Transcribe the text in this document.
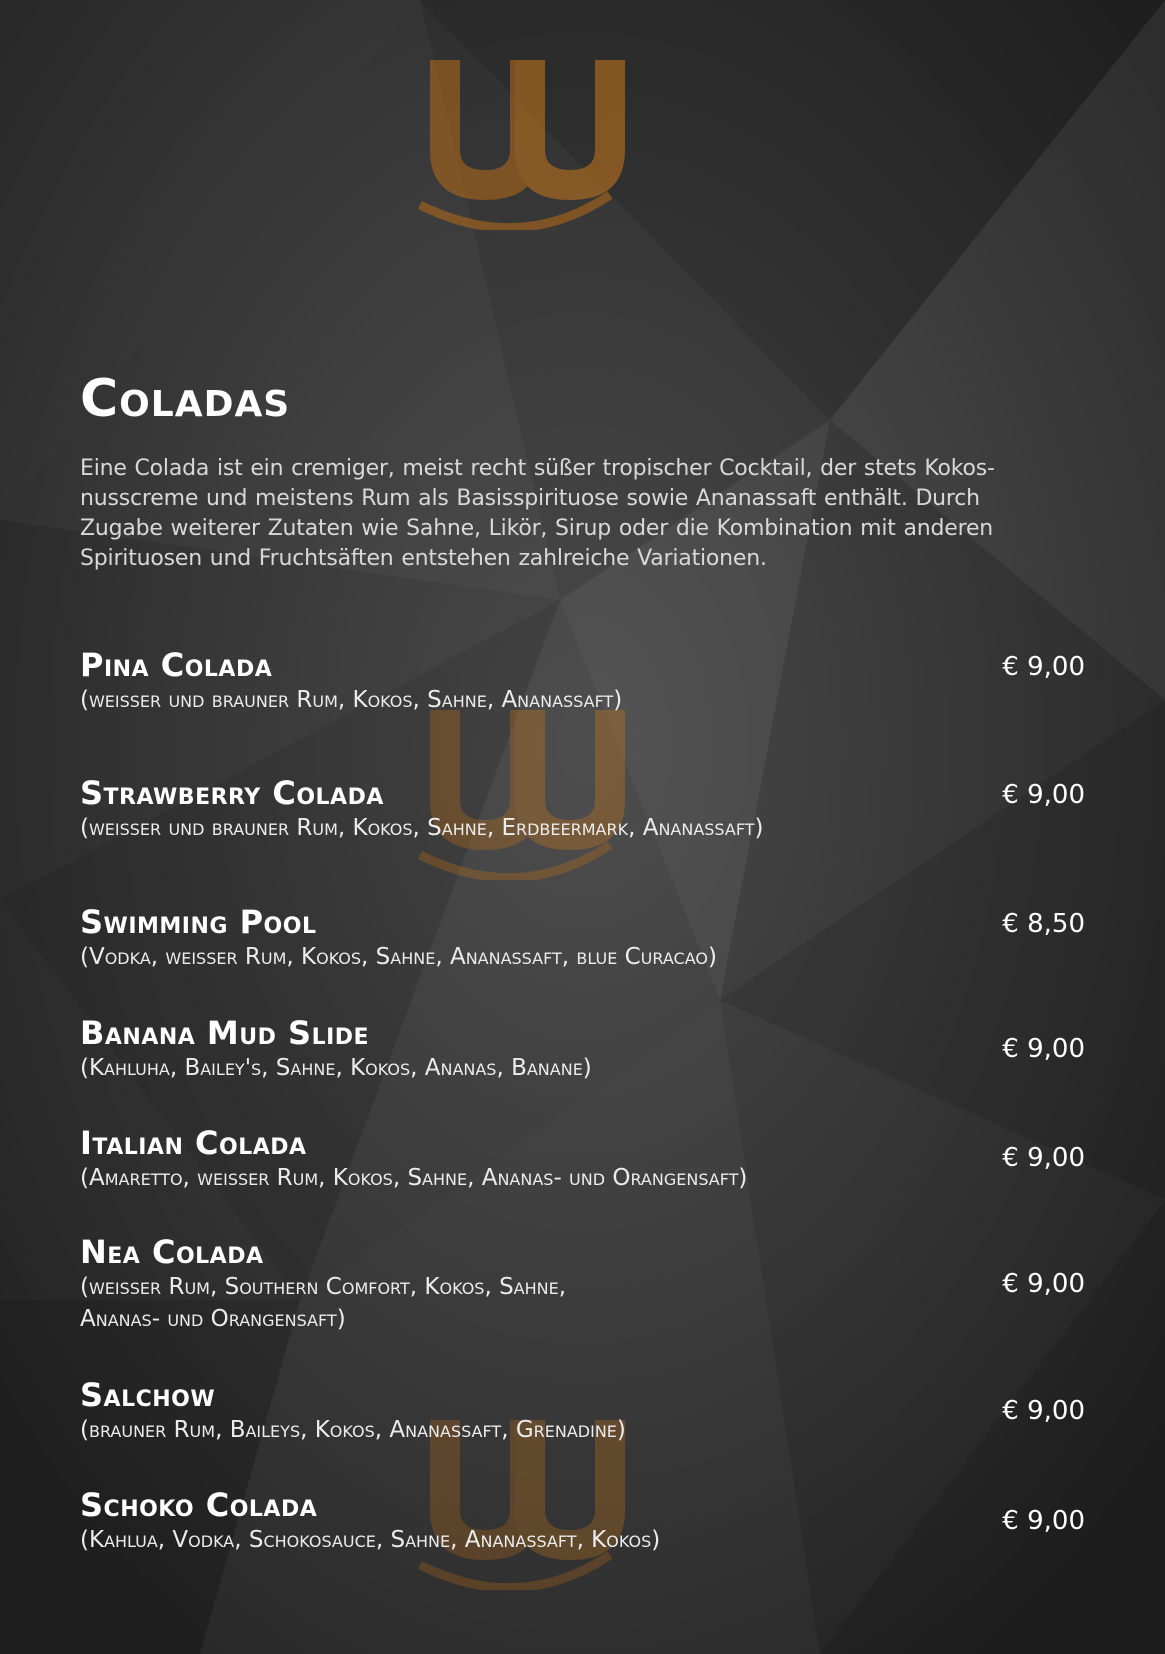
Coladas

Eine Colada ist ein cremiger, meist recht süßer tropischer Cocktail, der stets Kokos-
nusscreme und meistens Rum als Basisspirituose sowie Ananassaft enthält. Durch
Zugabe weiterer Zutaten wie Sahne, Likör, Sirup oder die Kombination mit anderen
Spirituosen und Fruchtsäften entstehen zahlreiche Variationen.

Pina Colada
(weisser und brauner Rum, Kokos, Sahne, Ananassaft)
€ 9,00
Strawberry Colada
(weisser und brauner Rum, Kokos, Sahne, Erdbeermark, Ananassaft)
€ 9,00
Swimming Pool
(Vodka, weisser Rum, Kokos, Sahne, Ananassaft, blue Curacao)
€ 8,50
Banana Mud Slide
(Kahluha, Bailey's, Sahne, Kokos, Ananas, Banane)
€ 9,00
Italian Colada
(Amaretto, weisser Rum, Kokos, Sahne, Ananas- und Orangensaft)
€ 9,00
Nea Colada
(weisser Rum, Southern Comfort, Kokos, Sahne,
Ananas- und Orangensaft)
€ 9,00
Salchow
(brauner Rum, Baileys, Kokos, Ananassaft, Grenadine)
€ 9,00
Schoko Colada
(Kahlua, Vodka, Schokosauce, Sahne, Ananassaft, Kokos)
€ 9,00
